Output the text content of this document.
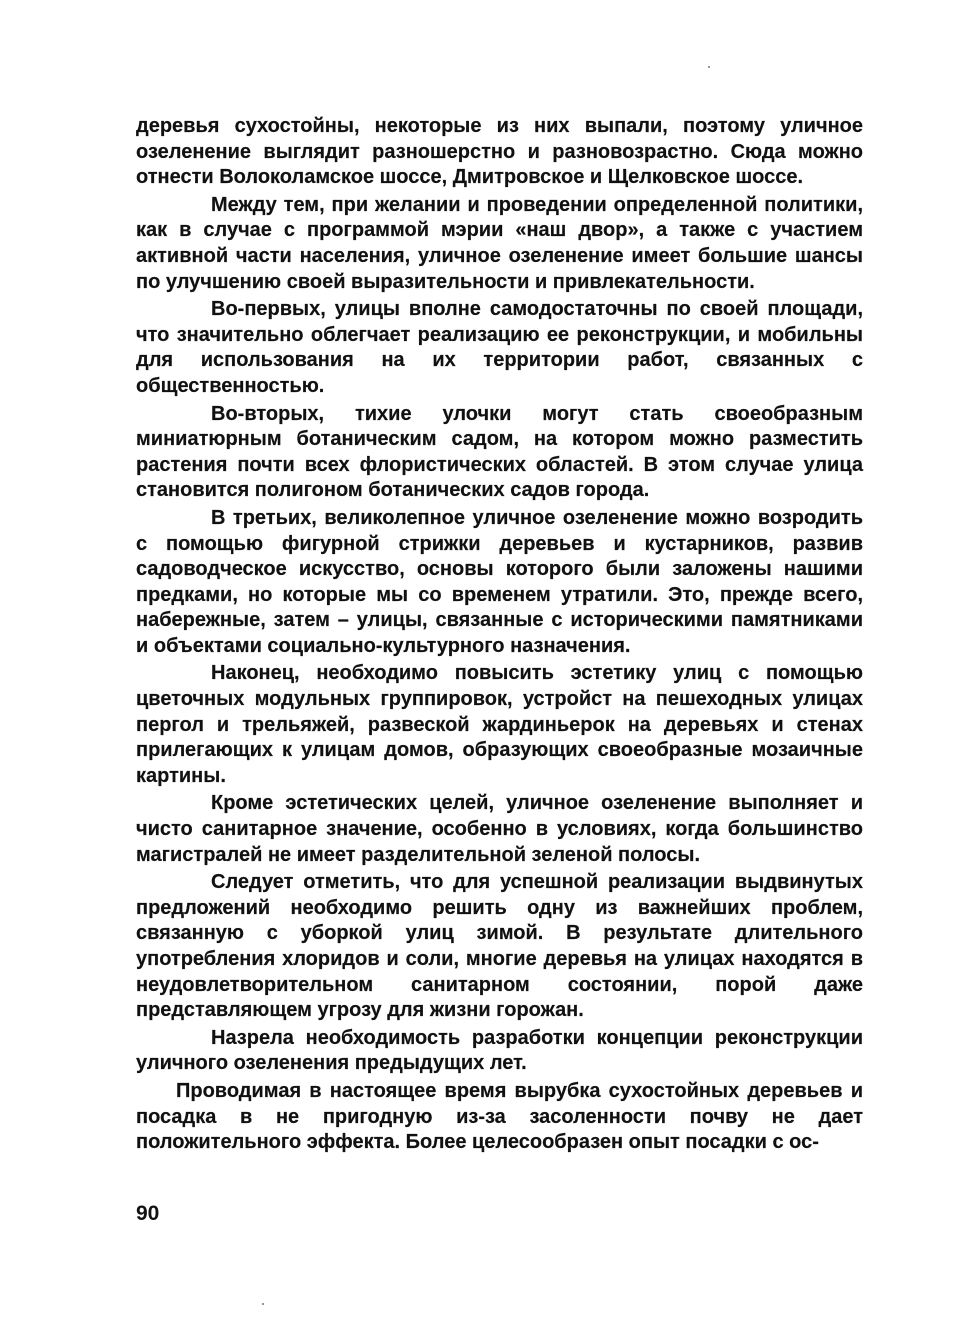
деревья сухостойны, некоторые из них выпали, поэтому уличное озеленение выглядит разношерстно и разновозрастно. Сюда можно отнести Волоколамское шоссе, Дмитровское и Щелковское шоссе.

Между тем, при желании и проведении определенной политики, как в случае с программой мэрии «наш двор», а также с участием активной части населения, уличное озеленение имеет большие шансы по улучшению своей выразительности и привлекательности.

Во-первых, улицы вполне самодостаточны по своей площади, что значительно облегчает реализацию ее реконструкции, и мобильны для использования на их территории работ, связанных с общественностью.

Во-вторых, тихие улочки могут стать своеобразным миниатюрным ботаническим садом, на котором можно разместить растения почти всех флористических областей. В этом случае улица становится полигоном ботанических садов города.

В третьих, великолепное уличное озеленение можно возродить с помощью фигурной стрижки деревьев и кустарников, развив садоводческое искусство, основы которого были заложены нашими предками, но которые мы со временем утратили. Это, прежде всего, набережные, затем – улицы, связанные с историческими памятниками и объектами социально-культурного назначения.

Наконец, необходимо повысить эстетику улиц с помощью цветочных модульных группировок, устройст на пешеходных улицах пергол и трельяжей, развеской жардиньерок на деревьях и стенах прилегающих к улицам домов, образующих своеобразные мозаичные картины.

Кроме эстетических целей, уличное озеленение выполняет и чисто санитарное значение, особенно в условиях, когда большинство магистралей не имеет разделительной зеленой полосы.

Следует отметить, что для успешной реализации выдвинутых предложений необходимо решить одну из важнейших проблем, связанную с уборкой улиц зимой. В результате длительного употребления хлоридов и соли, многие деревья на улицах находятся в неудовлетворительном санитарном состоянии, порой даже представляющем угрозу для жизни горожан.

Назрела необходимость разработки концепции реконструкции уличного озеленения предыдущих лет.

Проводимая в настоящее время вырубка сухостойных деревьев и посадка в не пригодную из-за засоленности почву не дает положительного эффекта. Более целесообразен опыт посадки с ос-

90
